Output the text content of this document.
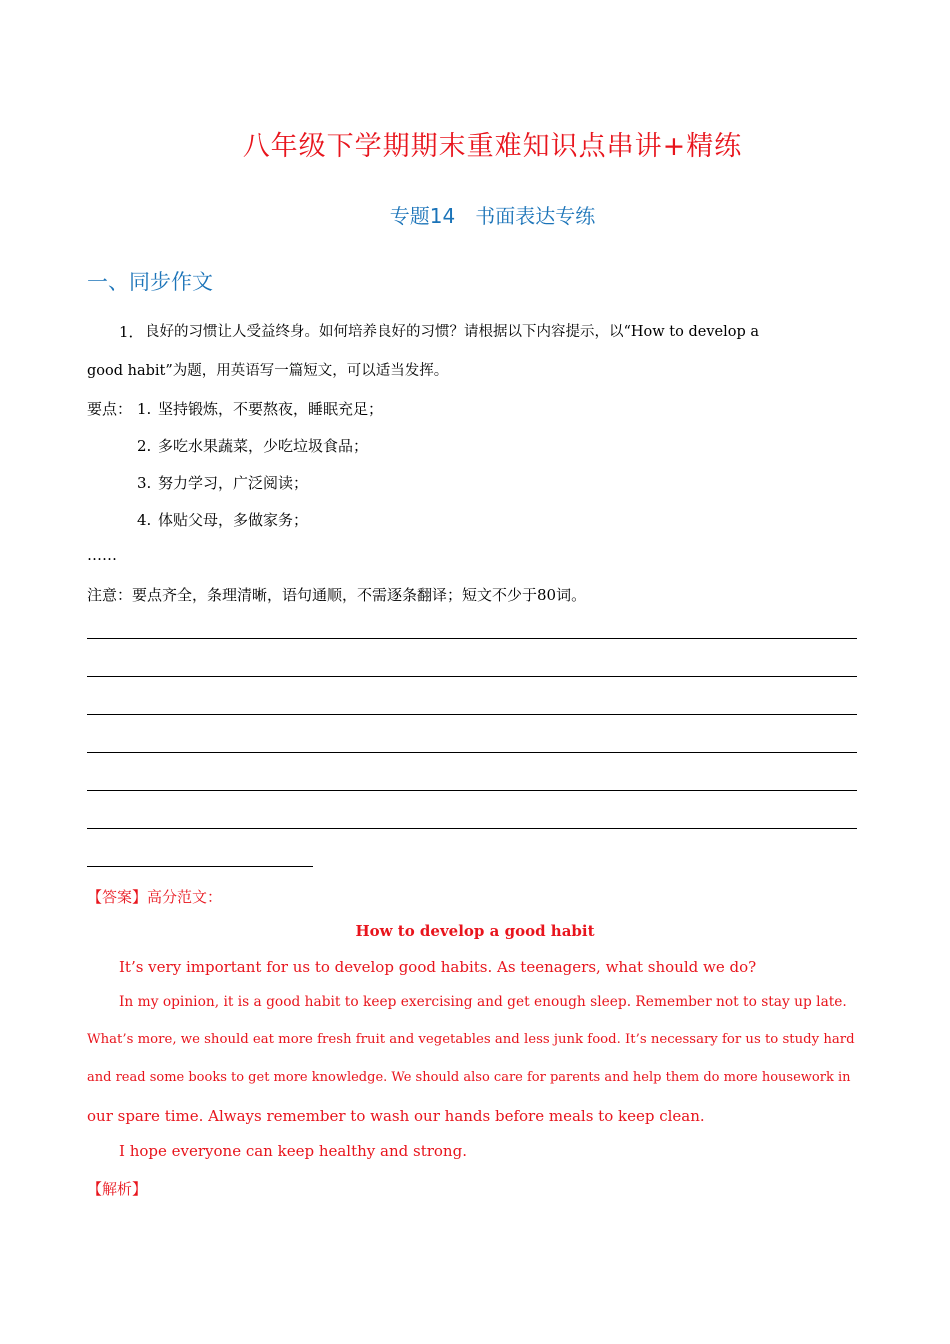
八年级下学期期末重难知识点串讲+精练
专题14　书面表达专练
一、同步作文
1． 良好的习惯让人受益终身。如何培养良好的习惯？请根据以下内容提示，以“How to develop a
good habit”为题，用英语写一篇短文，可以适当发挥。
要点： 1. 坚持锻炼，不要熬夜，睡眠充足；
2. 多吃水果蔬菜，少吃垃圾食品；
3. 努力学习，广泛阅读；
4. 体贴父母，多做家务；
……
注意：要点齐全，条理清晰，语句通顺，不需逐条翻译；短文不少于80词。
【答案】高分范文：
How to develop a good habit
It’s very important for us to develop good habits. As teenagers, what should we do?
In my opinion, it is a good habit to keep exercising and get enough sleep. Remember not to stay up late.
What’s more, we should eat more fresh fruit and vegetables and less junk food. It’s necessary for us to study hard
and read some books to get more knowledge. We should also care for parents and help them do more housework in
our spare time. Always remember to wash our hands before meals to keep clean.
I hope everyone can keep healthy and strong.
【解析】
